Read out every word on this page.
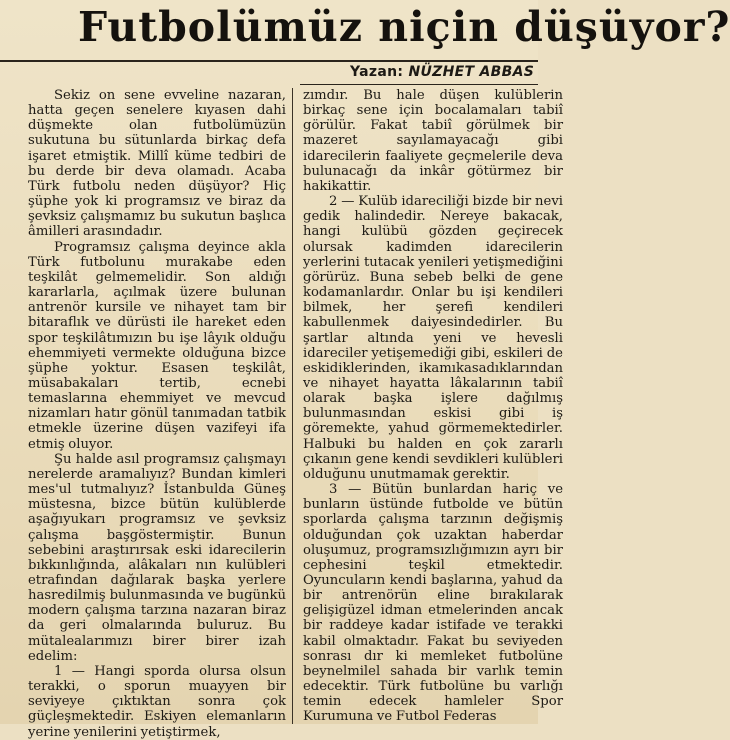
Futbolümüz niçin düşüyor?
Yazan: NÜZHET ABBAS

Sekiz on sene evveline nazaran, hatta geçen senelere kıyasen dahi düşmekte olan futbolümüzün sukutuna bu sütunlarda birkaç defa işaret etmiştik. Millî küme tedbiri de bu derde bir deva olamadı. Acaba Türk futbolu neden düşüyor? Hiç şüphe yok ki programsız ve biraz da şevksiz çalışmamız bu sukutun başlıca âmilleri arasındadır.

Programsız çalışma deyince akla Türk futbolunu murakabe eden teşkilât gelmemelidir. Son aldığı kararlarla, açılmak üzere bulunan antrenör kursile ve nihayet tam bir bitaraflık ve dürüsti ile hareket eden spor teşkilâtımızın bu işe lâyık olduğu ehemmiyeti vermekte olduğuna bizce şüphe yoktur. Esasen teşkilât, müsabakaları tertib, ecnebi temaslarına ehemmiyet ve mevcud nizamları hatır gönül tanımadan tatbik etmekle üzerine düşen vazifeyi ifa etmiş oluyor.

Şu halde asıl programsız çalışmayı nerelerde aramalıyız? Bundan kimleri mes'ul tutmalıyız? İstanbulda Güneş müstesna, bizce bütün kulüblerde aşağıyukarı programsız ve şevksiz çalışma başgöstermiştir. Bunun sebebini araştırırsak eski idarecilerin bıkkınlığında, alâkaları nın kulübleri etrafından dağılarak başka yerlere hasredilmiş bulunmasında ve bugünkü modern çalışma tarzına nazaran biraz da geri olmalarında buluruz. Bu mütalealarımızı birer birer izah edelim:

1 — Hangi sporda olursa olsun terakki, o sporun muayyen bir seviyeye çıktıktan sonra çok güçleşmektedir. Eskiyen elemanların yerine yenilerini yetiştirmek,

zımdır. Bu hale düşen kulüblerin birkaç sene için bocalamaları tabiî görülür. Fakat tabiî görülmek bir mazeret sayılamayacağı gibi idarecilerin faaliyete geçmelerile deva bulunacağı da inkâr götürmez bir hakikattir.

2 — Kulüb idareciliği bizde bir nevi gedik halindedir. Nereye bakacak, hangi kulübü gözden geçirecek olursak kadimden idarecilerin yerlerini tutacak yenileri yetişmediğini görürüz. Buna sebeb belki de gene kodamanlardır. Onlar bu işi kendileri bilmek, her şerefi kendileri kabullenmek daiyesindedirler. Bu şartlar altında yeni ve hevesli idareciler yetişemediği gibi, eskileri de eskidiklerinden, ikamıkasadıklarından ve nihayet hayatta lâkalarının tabiî olarak başka işlere dağılmış bulunmasından eskisi gibi iş göremekte, yahud görmemektedirler. Halbuki bu halden en çok zararlı çıkanın gene kendi sevdikleri kulübleri olduğunu unutmamak gerektir.

3 — Bütün bunlardan hariç ve bunların üstünde futbolde ve bütün sporlarda çalışma tarzının değişmiş olduğundan çok uzaktan haberdar oluşumuz, programsızlığımızın ayrı bir cephesini teşkil etmektedir. Oyuncuların kendi başlarına, yahud da bir antrenörün eline bırakılarak gelişigüzel idman etmelerinden ancak bir raddeye kadar istifade ve terakki kabil olmaktadır. Fakat bu seviyeden sonrası dır ki memleket futbolüne beynelmilel sahada bir varlık temin edecektir. Türk futbolüne bu varlığı temin edecek hamleler Spor Kurumuna ve Futbol Federas
